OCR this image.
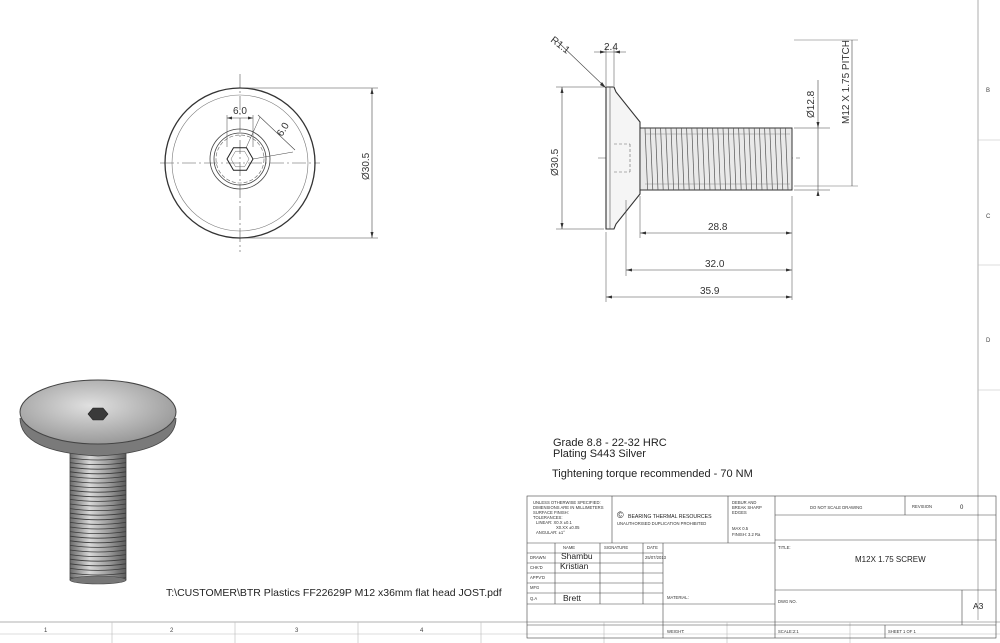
6.0
6.0
Ø30.5
R1.1	2.4
Ø30.5
Ø12.8 M12 X 1.75 PITCH
28.8
32.0
35.9
UNLESS OTHERWISE SPECIFIED:
DIMENSIONS ARE IN MILLIMETERS
SURFACE FINISH:
TOLERANCES:
LINEAR: X0.X ±0.1
X0.XX ±0.05
ANGULAR: ±1°
© BEARING THERMAL RESOURCES
UNAUTHORISED DUPLICATION PROHIBITED
DEBUR AND
BREAK SHARP
EDGES
MAX 0.5
FINISH: 3.2 Ra
DO NOT SCALE DRAWING	REVISION	0
NAME	SIGNATURE	DATE
DRAWN Shambu	25/07/2013
CHK'D Kristian
APPV'D
MFG
Q.A	Brett
TITLE:
M12X 1.75 SCREW
MATERIAL:
DWG NO.	A3
WEIGHT:	SCALE:2:1	SHEET 1 OF 1
1	2	3	4
B
C
D
Grade 8.8 - 22-32 HRC
Plating S443 Silver
Tightening torque recommended - 70 NM
T:\CUSTOMER\BTR Plastics FF22629P M12 x36mm flat head JOST.pdf
